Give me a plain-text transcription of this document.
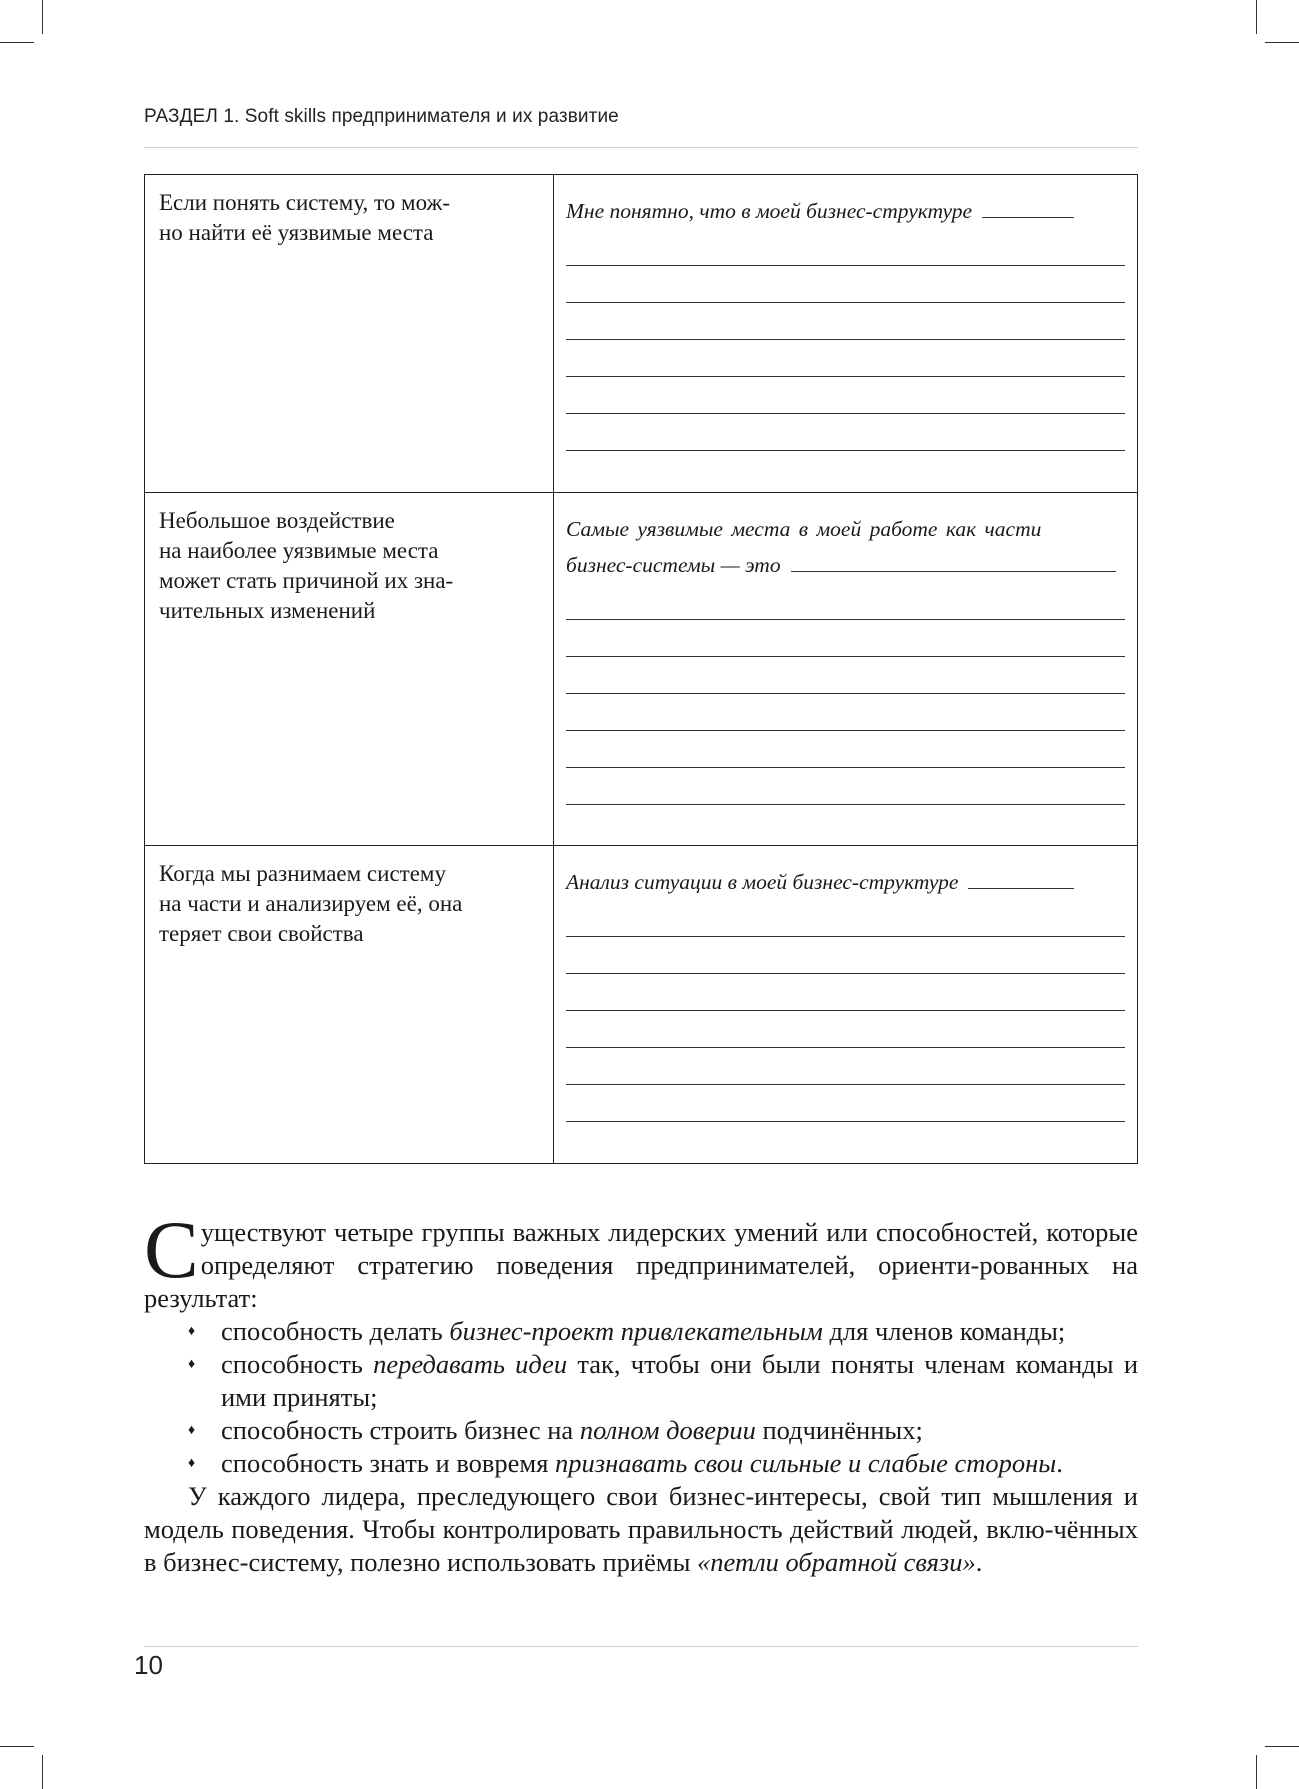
РАЗДЕЛ 1. Soft skills предпринимателя и их развитие
Если понять систему, то мож-
но найти её уязвимые места	Мне понятно, что в моей бизнес-структуре

Небольшое воздействие
на наиболее уязвимые места
может стать причиной их зна-
чительных изменений	Самые уязвимые места в моей работе как части
бизнес-системы — это

Когда мы разнимаем систему
на части и анализируем её, она
теряет свои свойства	Анализ ситуации в моей бизнес-структуре

Существуют четыре группы важных лидерских умений или способностей, которые определяют стратегию поведения предпринимателей, ориенти-рованных на результат:

♦ способность делать бизнес-проект привлекательным для членов команды;
♦ способность передавать идеи так, чтобы они были поняты членам команды и ими приняты;
♦ способность строить бизнес на полном доверии подчинённых;
♦ способность знать и вовремя признавать свои сильные и слабые стороны.

У каждого лидера, преследующего свои бизнес-интересы, свой тип мышления и модель поведения. Чтобы контролировать правильность действий людей, вклю-чённых в бизнес-систему, полезно использовать приёмы «петли обратной связи».

10
